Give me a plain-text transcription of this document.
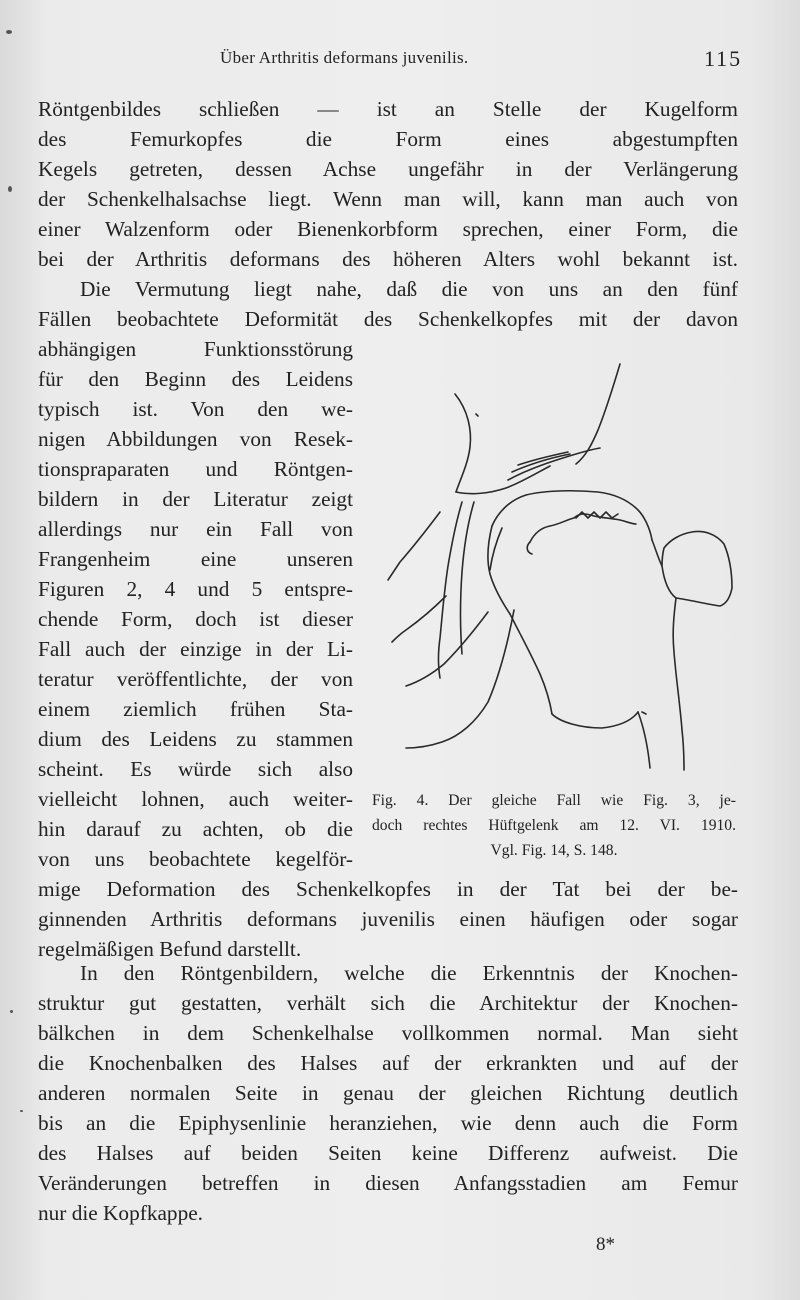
Über Arthritis deformans juvenilis.	115
Röntgenbildes schließen — ist an Stelle der Kugelform
des Femurkopfes die Form eines abgestumpften
Kegels getreten, dessen Achse ungefähr in der Verlängerung
der Schenkelhalsachse liegt. Wenn man will, kann man auch von
einer Walzenform oder Bienenkorbform sprechen, einer Form, die
bei der Arthritis deformans des höheren Alters wohl bekannt ist.
Die Vermutung liegt nahe, daß die von uns an den fünf
Fällen beobachtete Deformität des Schenkelkopfes mit der davon
abhängigen Funktionsstörung
für den Beginn des Leidens
typisch ist. Von den we-
nigen Abbildungen von Resek-
tionspraparaten und Röntgen-
bildern in der Literatur zeigt
allerdings nur ein Fall von
Frangenheim eine unseren
Figuren 2, 4 und 5 entspre-
chende Form, doch ist dieser
Fall auch der einzige in der Li-
teratur veröffentlichte, der von
einem ziemlich frühen Sta-
dium des Leidens zu stammen
scheint. Es würde sich also
vielleicht lohnen, auch weiter-
hin darauf zu achten, ob die
von uns beobachtete kegelför-
mige Deformation des Schenkelkopfes in der Tat bei der be-
ginnenden Arthritis deformans juvenilis einen häufigen oder sogar
regelmäßigen Befund darstellt.
Fig. 4. Der gleiche Fall wie Fig. 3, je-
doch rechtes Hüftgelenk am 12. VI. 1910.
Vgl. Fig. 14, S. 148.
In den Röntgenbildern, welche die Erkenntnis der Knochen-
struktur gut gestatten, verhält sich die Architektur der Knochen-
bälkchen in dem Schenkelhalse vollkommen normal. Man sieht
die Knochenbalken des Halses auf der erkrankten und auf der
anderen normalen Seite in genau der gleichen Richtung deutlich
bis an die Epiphysenlinie heranziehen, wie denn auch die Form
des Halses auf beiden Seiten keine Differenz aufweist. Die
Veränderungen betreffen in diesen Anfangsstadien am Femur
nur die Kopfkappe.
8*
